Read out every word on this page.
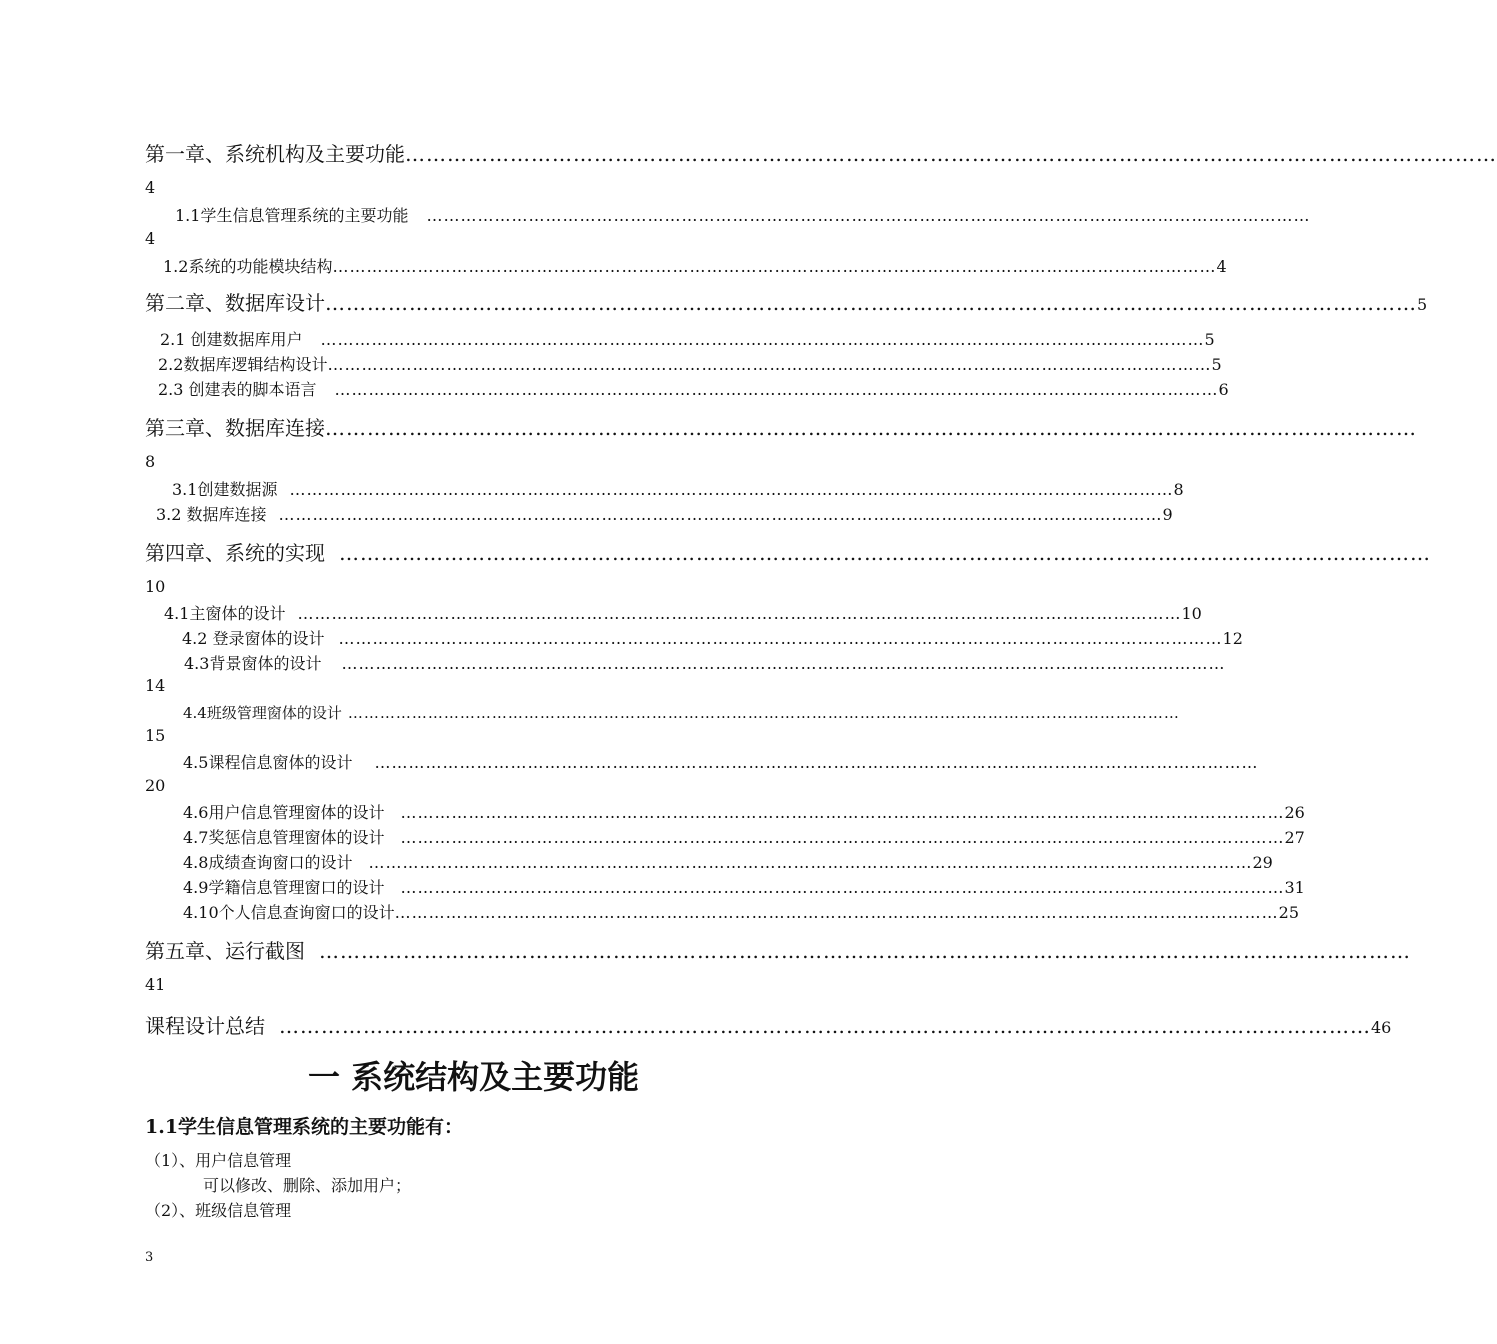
第一章、系统机构及主要功能 …………………………………………………………………………………………………………………………………………
4
1.1学生信息管理系统的主要功能	…………………………………………………………………………………………………………………………………………
4
1.2系统的功能模块结构 ………………………………………………………………………………………………………………………………………… 4
第二章、数据库设计 ………………………………………………………………………………………………………………………………………… 5
2.1 创建数据库用户	………………………………………………………………………………………………………………………………………… 5
2.2数据库逻辑结构设计 ………………………………………………………………………………………………………………………………………… 5
2.3 创建表的脚本语言	………………………………………………………………………………………………………………………………………… 6
第三章、数据库连接 …………………………………………………………………………………………………………………………………………
8
3.1创建数据源 ………………………………………………………………………………………………………………………………………… 8
3.2 数据库连接 ………………………………………………………………………………………………………………………………………… 9
第四章、系统的实现 …………………………………………………………………………………………………………………………………………
10
4.1主窗体的设计 ………………………………………………………………………………………………………………………………………… 10
4.2 登录窗体的设计 ………………………………………………………………………………………………………………………………………… 12
4.3背景窗体的设计	…………………………………………………………………………………………………………………………………………
14
4.4班级管理窗体的设计 …………………………………………………………………………………………………………………………………………
15
4.5课程信息窗体的设计	…………………………………………………………………………………………………………………………………………
20
4.6用户信息管理窗体的设计	………………………………………………………………………………………………………………………………………… 26
4.7奖惩信息管理窗体的设计	………………………………………………………………………………………………………………………………………… 27
4.8成绩查询窗口的设计	………………………………………………………………………………………………………………………………………… 29
4.9学籍信息管理窗口的设计	………………………………………………………………………………………………………………………………………… 31
4.10个人信息查询窗口的设计 ………………………………………………………………………………………………………………………………………… 25
第五章、运行截图 …………………………………………………………………………………………………………………………………………
41
课程设计总结 ………………………………………………………………………………………………………………………………………… 46
一 系统结构及主要功能
1.1学生信息管理系统的主要功能有：
（1）、用户信息管理
可以修改、删除、添加用户；
（2）、班级信息管理
3
